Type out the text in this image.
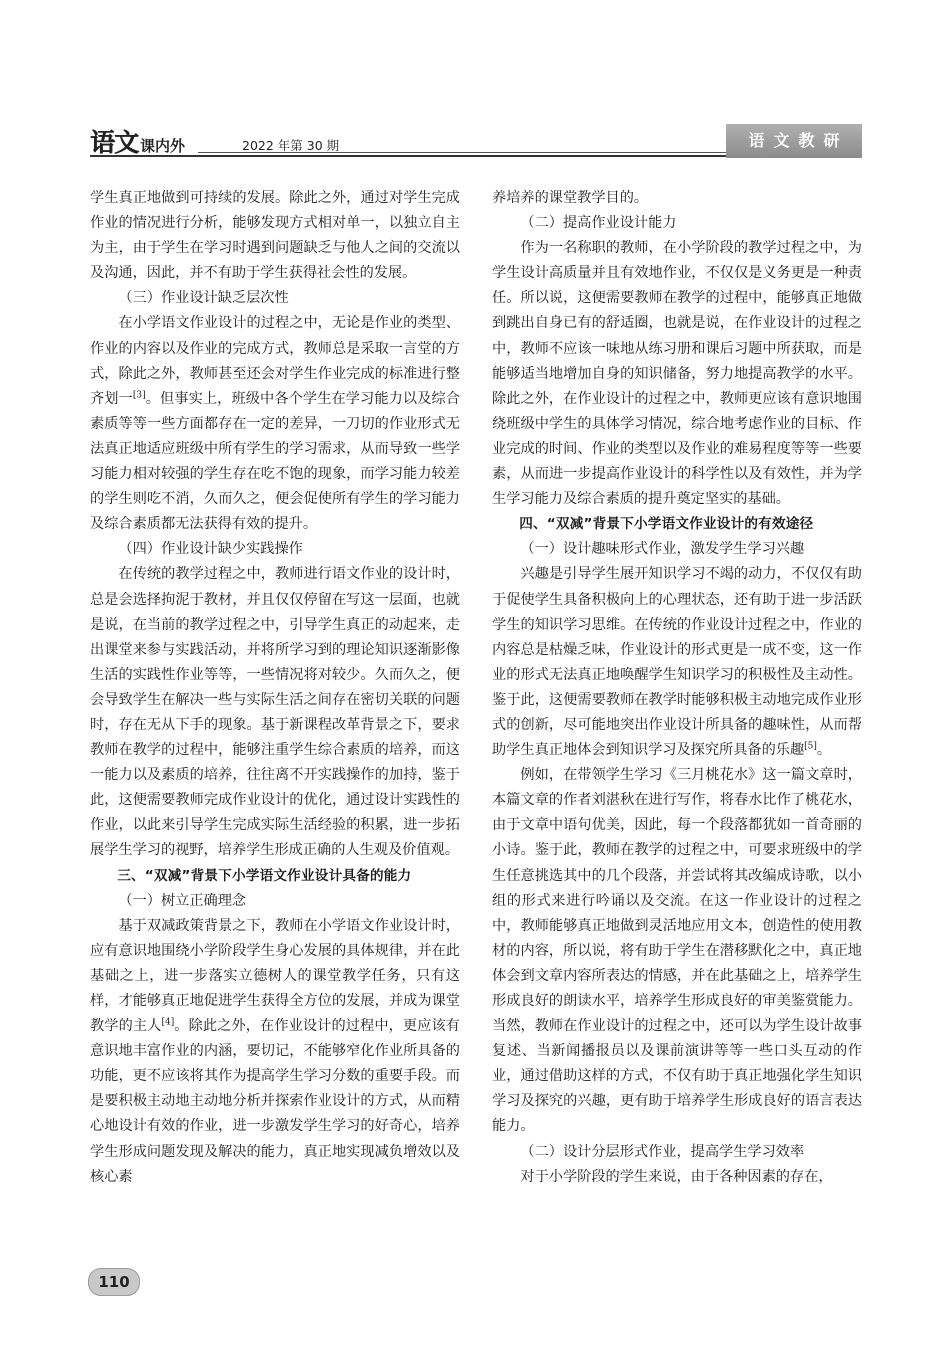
语文 课内外	2022 年第 30 期	语文教研

学生真正地做到可持续的发展。除此之外，通过对学生完成作业的情况进行分析，能够发现方式相对单一，以独立自主为主，由于学生在学习时遇到问题缺乏与他人之间的交流以及沟通，因此，并不有助于学生获得社会性的发展。

（三）作业设计缺乏层次性

在小学语文作业设计的过程之中，无论是作业的类型、作业的内容以及作业的完成方式，教师总是采取一言堂的方式，除此之外，教师甚至还会对学生作业完成的标准进行整齐划一[3]。但事实上，班级中各个学生在学习能力以及综合素质等等一些方面都存在一定的差异，一刀切的作业形式无法真正地适应班级中所有学生的学习需求，从而导致一些学习能力相对较强的学生存在吃不饱的现象，而学习能力较差的学生则吃不消，久而久之，便会促使所有学生的学习能力及综合素质都无法获得有效的提升。

（四）作业设计缺少实践操作

在传统的教学过程之中，教师进行语文作业的设计时，总是会选择拘泥于教材，并且仅仅停留在写这一层面，也就是说，在当前的教学过程之中，引导学生真正的动起来，走出课堂来参与实践活动，并将所学习到的理论知识逐渐影像生活的实践性作业等等，一些情况将对较少。久而久之，便会导致学生在解决一些与实际生活之间存在密切关联的问题时，存在无从下手的现象。基于新课程改革背景之下，要求教师在教学的过程中，能够注重学生综合素质的培养，而这一能力以及素质的培养，往往离不开实践操作的加持，鉴于此，这便需要教师完成作业设计的优化，通过设计实践性的作业，以此来引导学生完成实际生活经验的积累，进一步拓展学生学习的视野，培养学生形成正确的人生观及价值观。

三、“双减”背景下小学语文作业设计具备的能力

（一）树立正确理念

基于双减政策背景之下，教师在小学语文作业设计时，应有意识地围绕小学阶段学生身心发展的具体规律，并在此基础之上，进一步落实立德树人的课堂教学任务，只有这样，才能够真正地促进学生获得全方位的发展，并成为课堂教学的主人[4]。除此之外，在作业设计的过程中，更应该有意识地丰富作业的内涵，要切记，不能够窄化作业所具备的功能，更不应该将其作为提高学生学习分数的重要手段。而是要积极主动地主动地分析并探索作业设计的方式，从而精心地设计有效的作业，进一步激发学生学习的好奇心，培养学生形成问题发现及解决的能力，真正地实现减负增效以及核心素

养培养的课堂教学目的。

（二）提高作业设计能力

作为一名称职的教师，在小学阶段的教学过程之中，为学生设计高质量并且有效地作业，不仅仅是义务更是一种责任。所以说，这便需要教师在教学的过程中，能够真正地做到跳出自身已有的舒适圈，也就是说，在作业设计的过程之中，教师不应该一味地从练习册和课后习题中所获取，而是能够适当地增加自身的知识储备，努力地提高教学的水平。除此之外，在作业设计的过程之中，教师更应该有意识地围绕班级中学生的具体学习情况，综合地考虑作业的目标、作业完成的时间、作业的类型以及作业的难易程度等等一些要素，从而进一步提高作业设计的科学性以及有效性，并为学生学习能力及综合素质的提升奠定坚实的基础。

四、“双减”背景下小学语文作业设计的有效途径

（一）设计趣味形式作业，激发学生学习兴趣

兴趣是引导学生展开知识学习不竭的动力，不仅仅有助于促使学生具备积极向上的心理状态，还有助于进一步活跃学生的知识学习思维。在传统的作业设计过程之中，作业的内容总是枯燥乏味，作业设计的形式更是一成不变，这一作业的形式无法真正地唤醒学生知识学习的积极性及主动性。鉴于此，这便需要教师在教学时能够积极主动地完成作业形式的创新，尽可能地突出作业设计所具备的趣味性，从而帮助学生真正地体会到知识学习及探究所具备的乐趣[5]。

例如，在带领学生学习《三月桃花水》这一篇文章时，本篇文章的作者刘湛秋在进行写作，将春水比作了桃花水，由于文章中语句优美，因此，每一个段落都犹如一首奇丽的小诗。鉴于此，教师在教学的过程之中，可要求班级中的学生任意挑选其中的几个段落，并尝试将其改编成诗歌，以小组的形式来进行吟诵以及交流。在这一作业设计的过程之中，教师能够真正地做到灵活地应用文本，创造性的使用教材的内容，所以说，将有助于学生在潜移默化之中，真正地体会到文章内容所表达的情感，并在此基础之上，培养学生形成良好的朗读水平，培养学生形成良好的审美鉴赏能力。当然，教师在作业设计的过程之中，还可以为学生设计故事复述、当新闻播报员以及课前演讲等等一些口头互动的作业，通过借助这样的方式，不仅有助于真正地强化学生知识学习及探究的兴趣，更有助于培养学生形成良好的语言表达能力。

（二）设计分层形式作业，提高学生学习效率

对于小学阶段的学生来说，由于各种因素的存在，

110
